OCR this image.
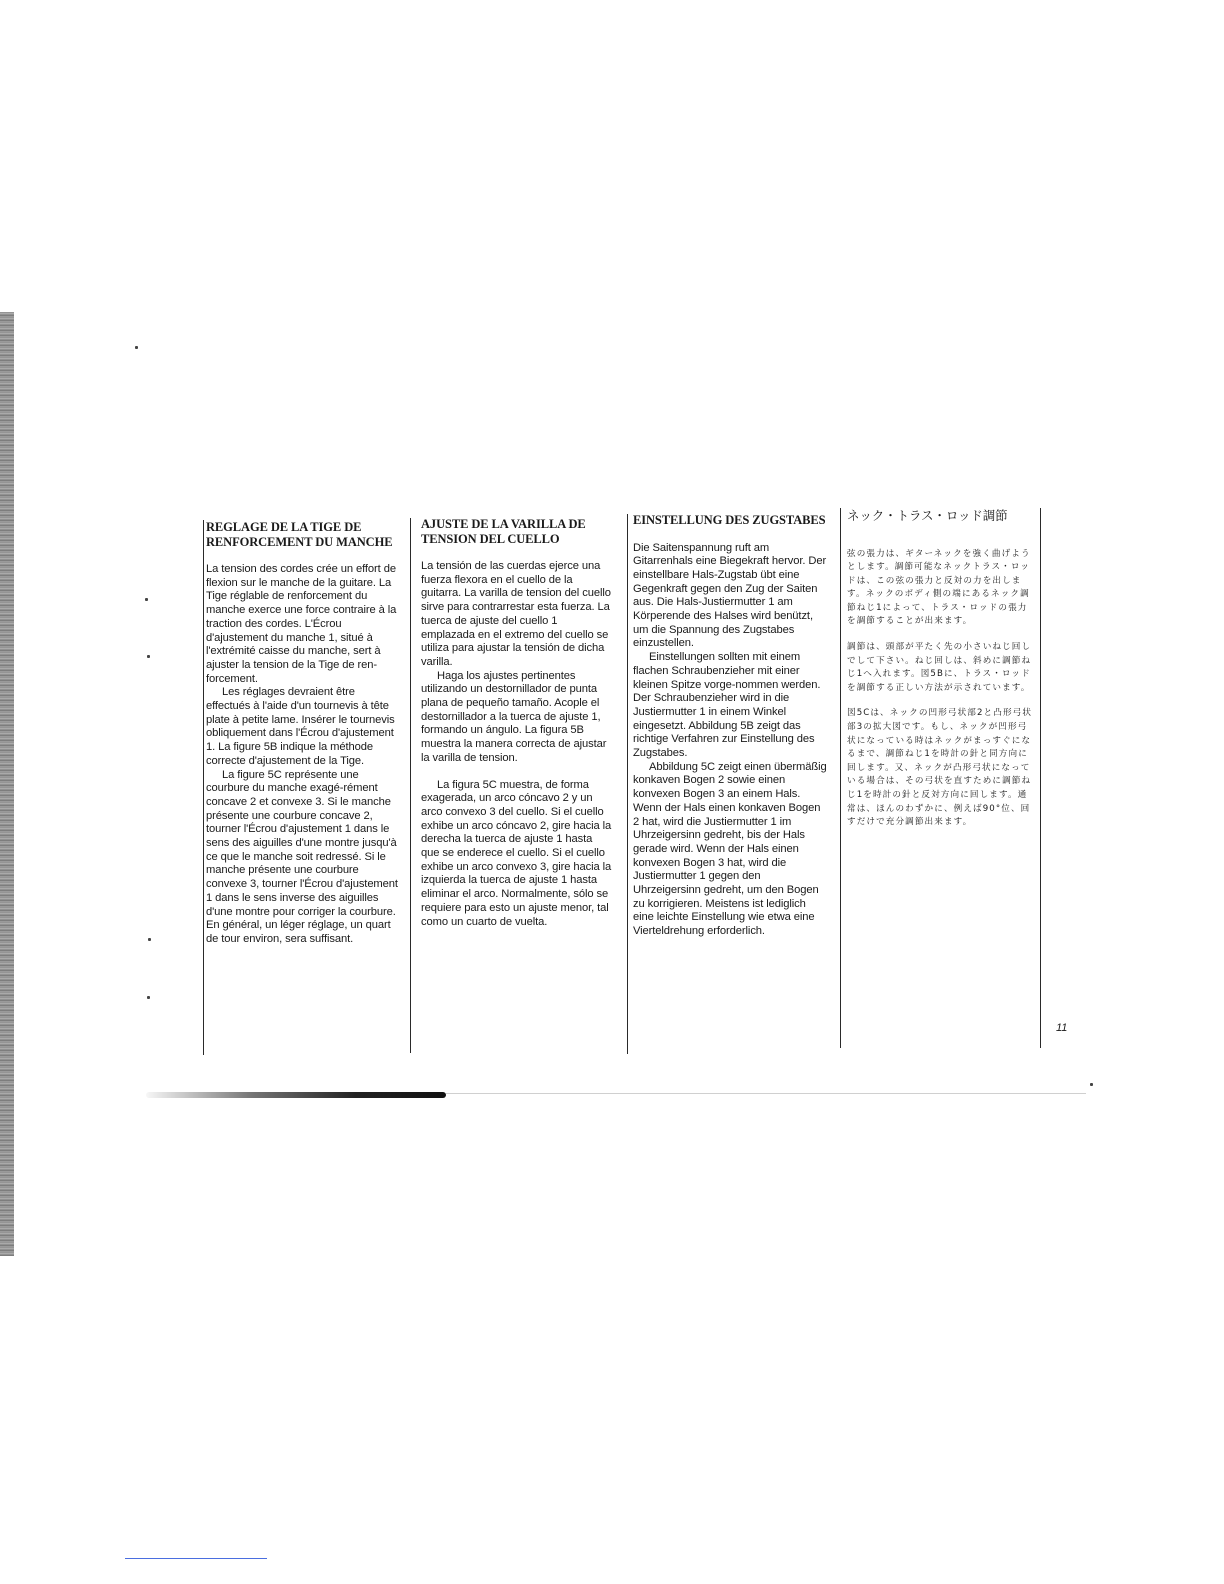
REGLAGE DE LA TIGE DE RENFORCEMENT DU MANCHE

La tension des cordes crée un effort de flexion sur le manche de la guitare. La Tige réglable de renforcement du manche exerce une force contraire à la traction des cordes. L'Écrou d'ajustement du manche 1, situé à l'extrémité caisse du manche, sert à ajuster la tension de la Tige de ren-forcement.

Les réglages devraient être effectués à l'aide d'un tournevis à tête plate à petite lame. Insérer le tournevis obliquement dans l'Écrou d'ajustement 1. La figure 5B indique la méthode correcte d'ajustement de la Tige.

La figure 5C représente une courbure du manche exagé-rément concave 2 et convexe 3. Si le manche présente une courbure concave 2, tourner l'Écrou d'ajustement 1 dans le sens des aiguilles d'une montre jusqu'à ce que le manche soit redressé. Si le manche présente une courbure convexe 3, tourner l'Écrou d'ajustement 1 dans le sens inverse des aiguilles d'une montre pour corriger la courbure. En général, un léger réglage, un quart de tour environ, sera suffisant.

AJUSTE DE LA VARILLA DE TENSION DEL CUELLO

La tensión de las cuerdas ejerce una fuerza flexora en el cuello de la guitarra. La varilla de tension del cuello sirve para contrarrestar esta fuerza. La tuerca de ajuste del cuello 1 emplazada en el extremo del cuello se utiliza para ajustar la tensión de dicha varilla.

Haga los ajustes pertinentes utilizando un destornillador de punta plana de pequeño tamaño. Acople el destornillador a la tuerca de ajuste 1, formando un ángulo. La figura 5B muestra la manera correcta de ajustar la varilla de tension.

La figura 5C muestra, de forma exagerada, un arco cóncavo 2 y un arco convexo 3 del cuello. Si el cuello exhibe un arco cóncavo 2, gire hacia la derecha la tuerca de ajuste 1 hasta que se enderece el cuello. Si el cuello exhibe un arco convexo 3, gire hacia la izquierda la tuerca de ajuste 1 hasta eliminar el arco. Normalmente, sólo se requiere para esto un ajuste menor, tal como un cuarto de vuelta.

EINSTELLUNG DES ZUGSTABES

Die Saitenspannung ruft am Gitarrenhals eine Biegekraft hervor. Der einstellbare Hals-Zugstab übt eine Gegenkraft gegen den Zug der Saiten aus. Die Hals-Justiermutter 1 am Körperende des Halses wird benützt, um die Spannung des Zugstabes einzustellen.

Einstellungen sollten mit einem flachen Schraubenzieher mit einer kleinen Spitze vorge-nommen werden. Der Schraubenzieher wird in die Justiermutter 1 in einem Winkel eingesetzt. Abbildung 5B zeigt das richtige Verfahren zur Einstellung des Zugstabes.

Abbildung 5C zeigt einen übermäßig konkaven Bogen 2 sowie einen konvexen Bogen 3 an einem Hals. Wenn der Hals einen konkaven Bogen 2 hat, wird die Justiermutter 1 im Uhrzeigersinn gedreht, bis der Hals gerade wird. Wenn der Hals einen konvexen Bogen 3 hat, wird die Justiermutter 1 gegen den Uhrzeigersinn gedreht, um den Bogen zu korrigieren. Meistens ist lediglich eine leichte Einstellung wie etwa eine Vierteldrehung erforderlich.

ネック・トラス・ロッド調節

弦の張力は、ギターネックを強く曲げようとします。調節可能なネックトラス・ロッドは、この弦の張力と反対の力を出します。ネックのボディ側の端にあるネック調節ねじ1によって、トラス・ロッドの張力を調節することが出来ます。

調節は、頭部が平たく先の小さいねじ回しでして下さい。ねじ回しは、斜めに調節ねじ1へ入れます。図5Bに、トラス・ロッドを調節する正しい方法が示されています。

図5Cは、ネックの凹形弓状部2と凸形弓状部3の拡大図です。もし、ネックが凹形弓状になっている時はネックがまっすぐになるまで、調節ねじ1を時計の針と同方向に回します。又、ネックが凸形弓状になっている場合は、その弓状を直すために調節ねじ1を時計の針と反対方向に回します。通常は、ほんのわずかに、例えば90°位、回すだけで充分調節出来ます。

11
